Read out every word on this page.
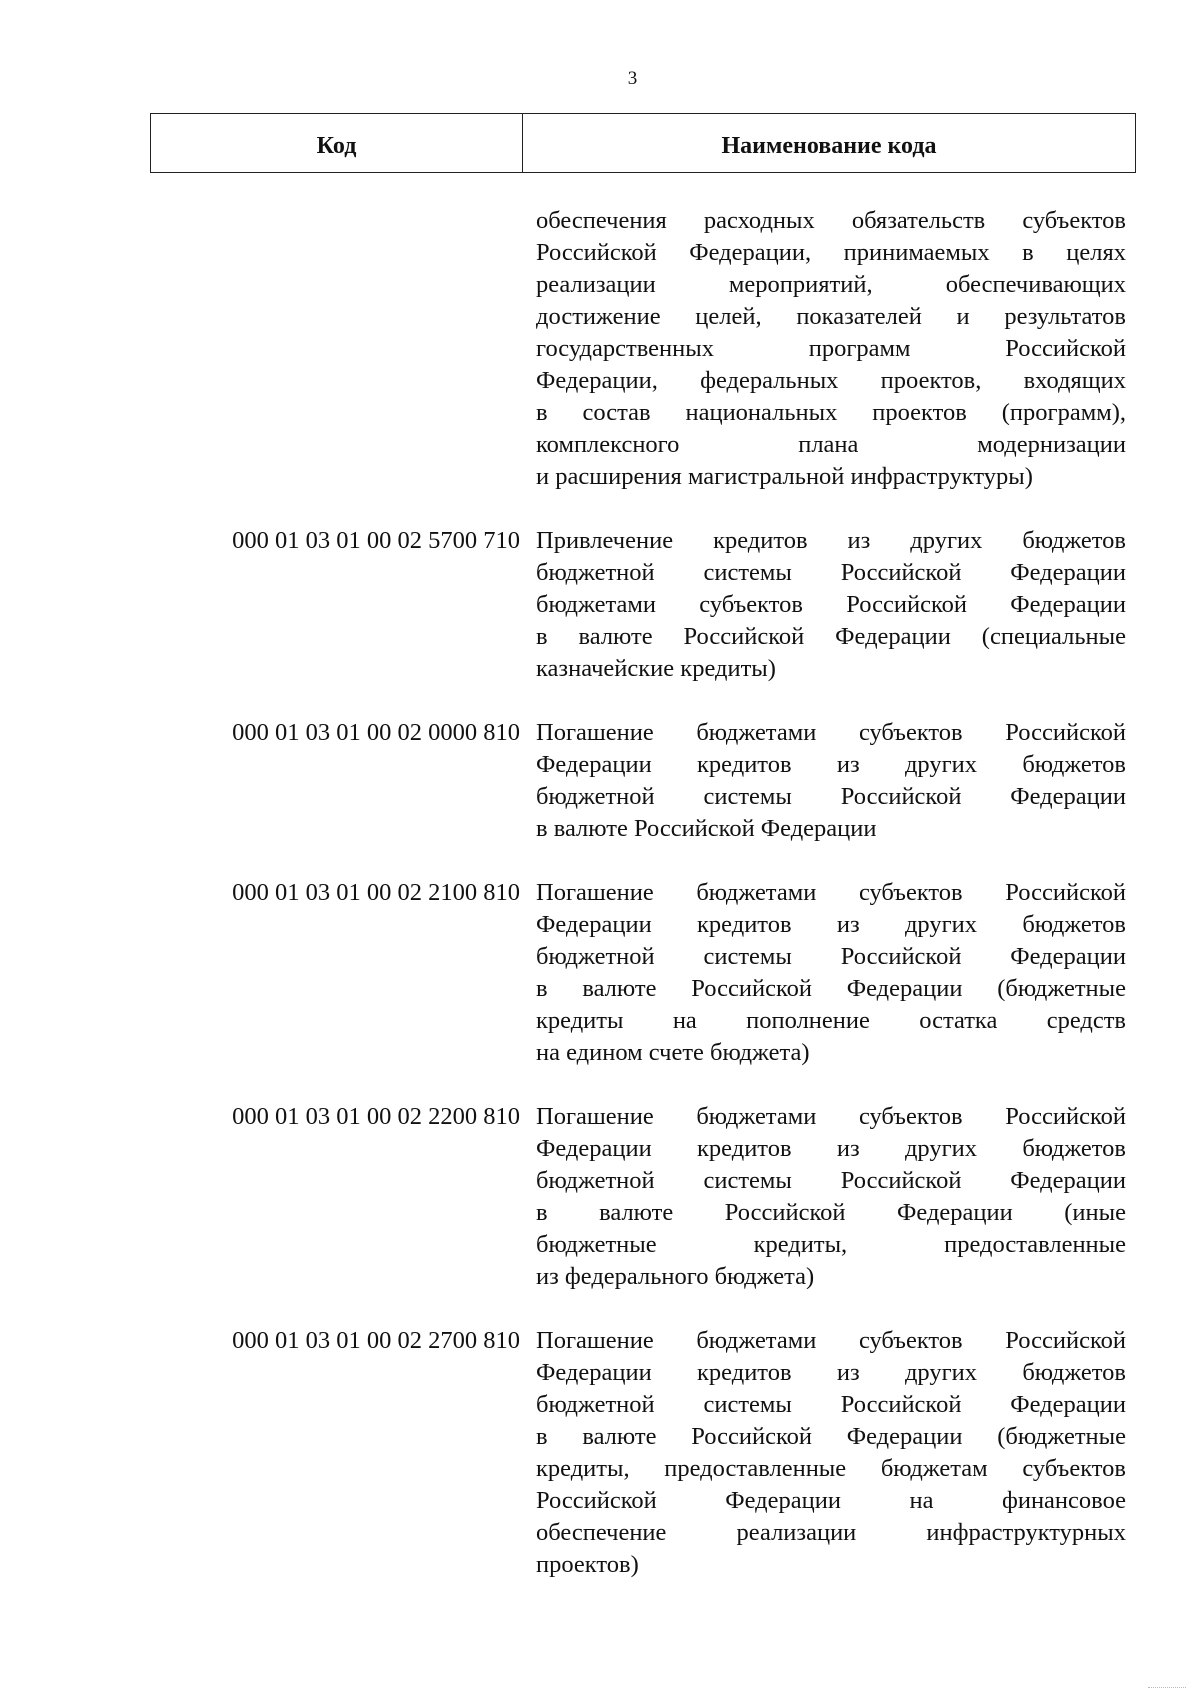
3
Код	Наименование кода
обеспечения расходных обязательств субъектов
Российской Федерации, принимаемых в целях
реализации мероприятий, обеспечивающих
достижение целей, показателей и результатов
государственных программ Российской
Федерации, федеральных проектов, входящих
в состав национальных проектов (программ),
комплексного плана модернизации
и расширения магистральной инфраструктуры)
000 01 03 01 00 02 5700 710 Привлечение кредитов из других бюджетов
бюджетной системы Российской Федерации
бюджетами субъектов Российской Федерации
в валюте Российской Федерации (специальные
казначейские кредиты)
000 01 03 01 00 02 0000 810 Погашение бюджетами субъектов Российской
Федерации кредитов из других бюджетов
бюджетной системы Российской Федерации
в валюте Российской Федерации
000 01 03 01 00 02 2100 810 Погашение бюджетами субъектов Российской
Федерации кредитов из других бюджетов
бюджетной системы Российской Федерации
в валюте Российской Федерации (бюджетные
кредиты на пополнение остатка средств
на едином счете бюджета)
000 01 03 01 00 02 2200 810 Погашение бюджетами субъектов Российской
Федерации кредитов из других бюджетов
бюджетной системы Российской Федерации
в валюте Российской Федерации (иные
бюджетные кредиты, предоставленные
из федерального бюджета)
000 01 03 01 00 02 2700 810 Погашение бюджетами субъектов Российской
Федерации кредитов из других бюджетов
бюджетной системы Российской Федерации
в валюте Российской Федерации (бюджетные
кредиты, предоставленные бюджетам субъектов
Российской Федерации на финансовое
обеспечение реализации инфраструктурных
проектов)
